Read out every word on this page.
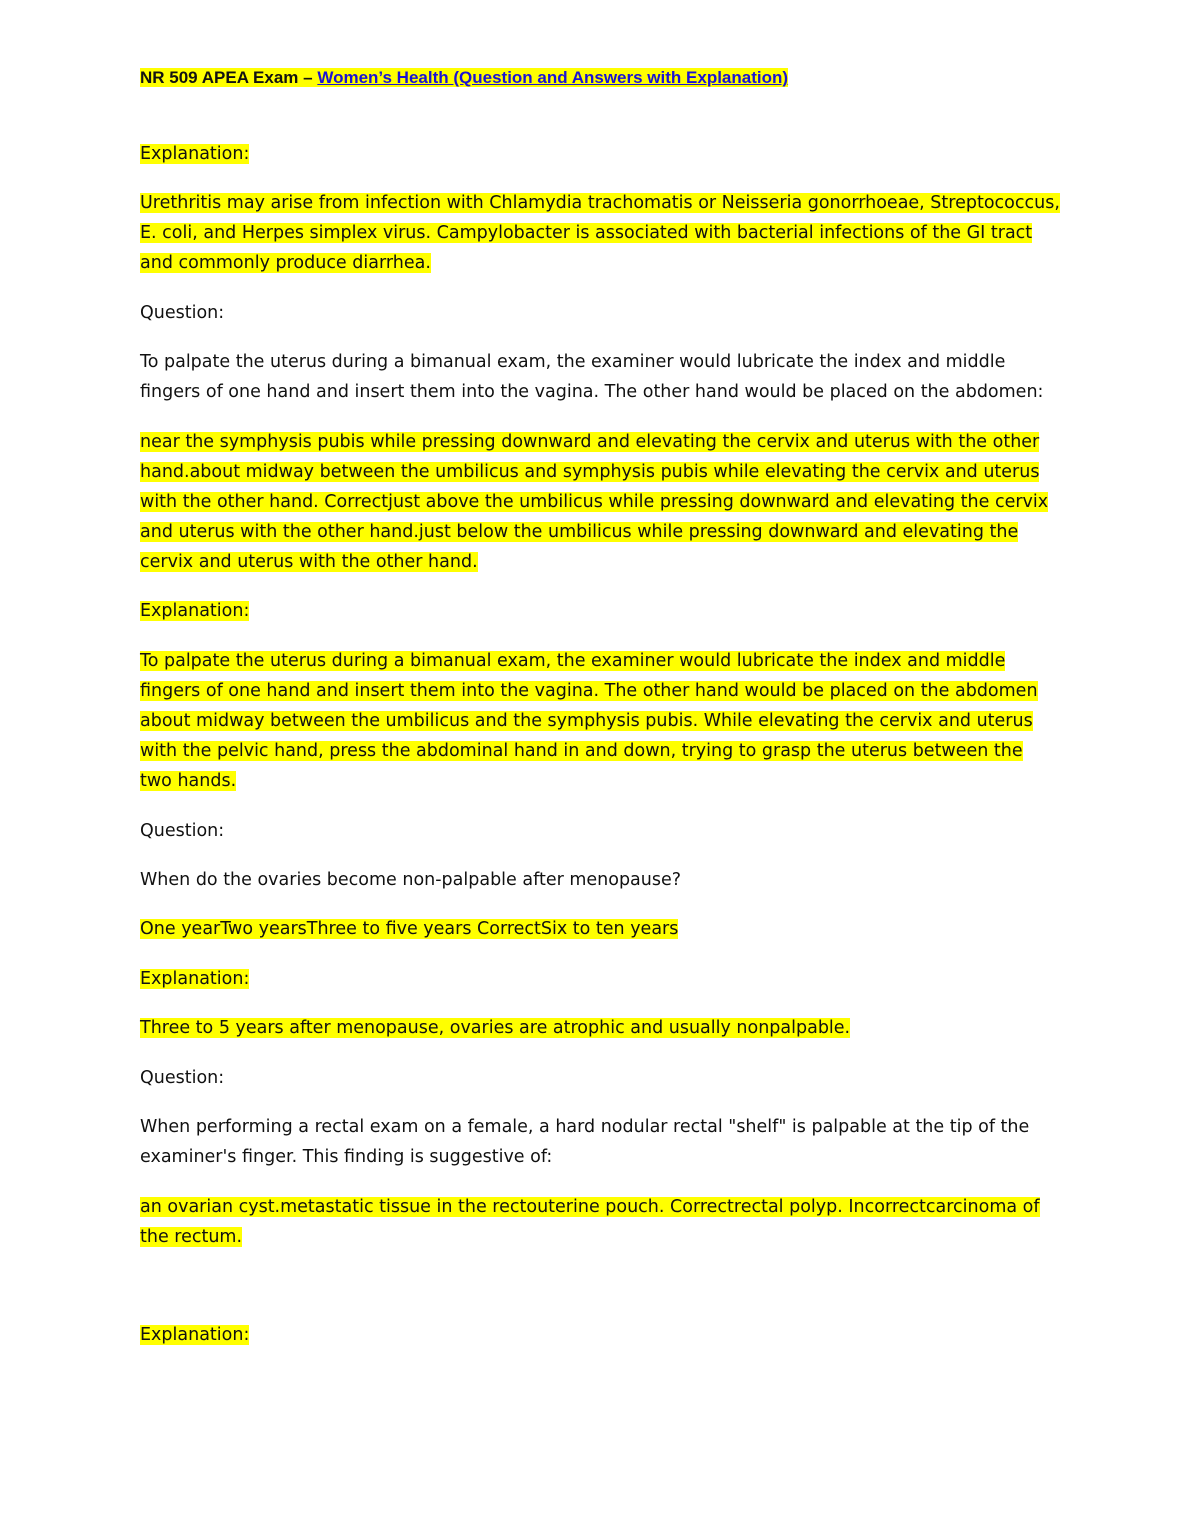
NR 509 APEA Exam – Women’s Health (Question and Answers with Explanation)

Explanation:

Urethritis may arise from infection with Chlamydia trachomatis or Neisseria gonorrhoeae, Streptococcus, E. coli, and Herpes simplex virus. Campylobacter is associated with bacterial infections of the GI tract and commonly produce diarrhea.

Question:

To palpate the uterus during a bimanual exam, the examiner would lubricate the index and middle fingers of one hand and insert them into the vagina. The other hand would be placed on the abdomen:

near the symphysis pubis while pressing downward and elevating the cervix and uterus with the other hand.about midway between the umbilicus and symphysis pubis while elevating the cervix and uterus with the other hand. Correctjust above the umbilicus while pressing downward and elevating the cervix and uterus with the other hand.just below the umbilicus while pressing downward and elevating the cervix and uterus with the other hand.

Explanation:

To palpate the uterus during a bimanual exam, the examiner would lubricate the index and middle fingers of one hand and insert them into the vagina. The other hand would be placed on the abdomen about midway between the umbilicus and the symphysis pubis. While elevating the cervix and uterus with the pelvic hand, press the abdominal hand in and down, trying to grasp the uterus between the two hands.

Question:

When do the ovaries become non-palpable after menopause?

One yearTwo yearsThree to five years CorrectSix to ten years

Explanation:

Three to 5 years after menopause, ovaries are atrophic and usually nonpalpable.

Question:

When performing a rectal exam on a female, a hard nodular rectal "shelf" is palpable at the tip of the examiner's finger. This finding is suggestive of:

an ovarian cyst.metastatic tissue in the rectouterine pouch. Correctrectal polyp. Incorrectcarcinoma of the rectum.

Explanation:
